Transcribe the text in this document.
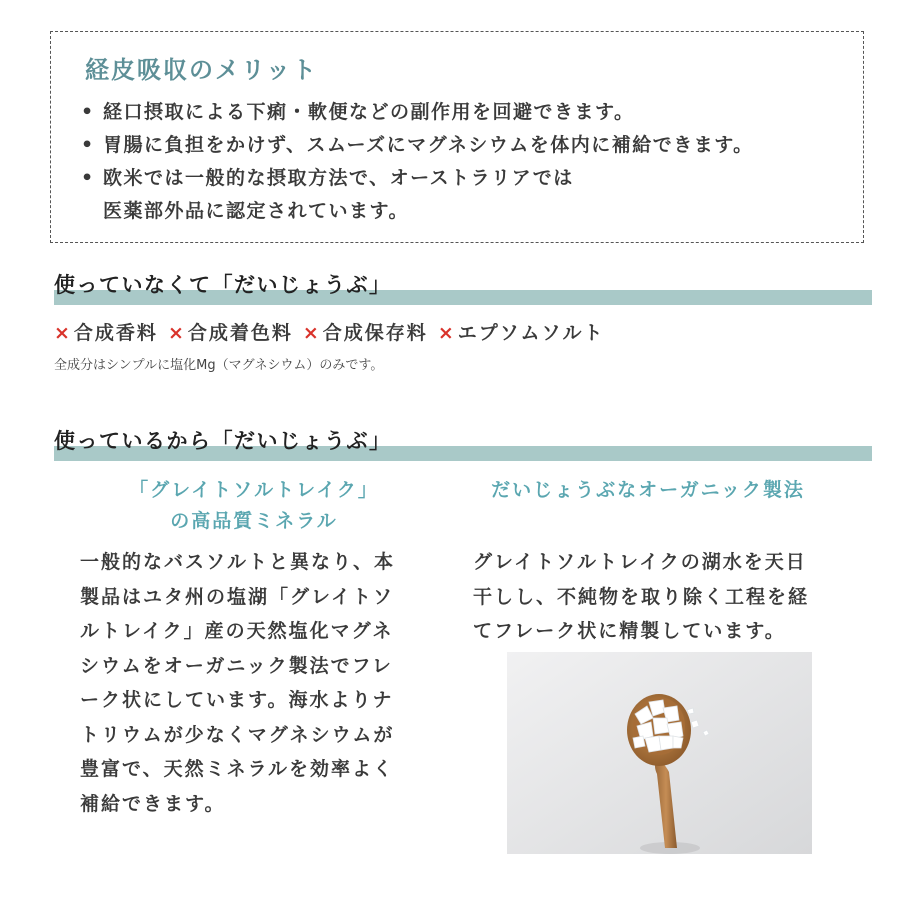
経皮吸収のメリット
• 経口摂取による下痢・軟便などの副作用を回避できます。
• 胃腸に負担をかけず、スムーズにマグネシウムを体内に補給できます。
• 欧米では一般的な摂取方法で、オーストラリアでは
医薬部外品に認定されています。
使っていなくて「だいじょうぶ」
× 合成香料 × 合成着色料 × 合成保存料 × エプソムソルト
全成分はシンプルに塩化Mg（マグネシウム）のみです。
使っているから「だいじょうぶ」
「グレイトソルトレイク」
の高品質ミネラル
一般的なバスソルトと異なり、本
製品はユタ州の塩湖「グレイトソ
ルトレイク」産の天然塩化マグネ
シウムをオーガニック製法でフレ
ーク状にしています。海水よりナ
トリウムが少なくマグネシウムが
豊富で、天然ミネラルを効率よく
補給できます。
だいじょうぶなオーガニック製法
グレイトソルトレイクの湖水を天日
干しし、不純物を取り除く工程を経
てフレーク状に精製しています。
